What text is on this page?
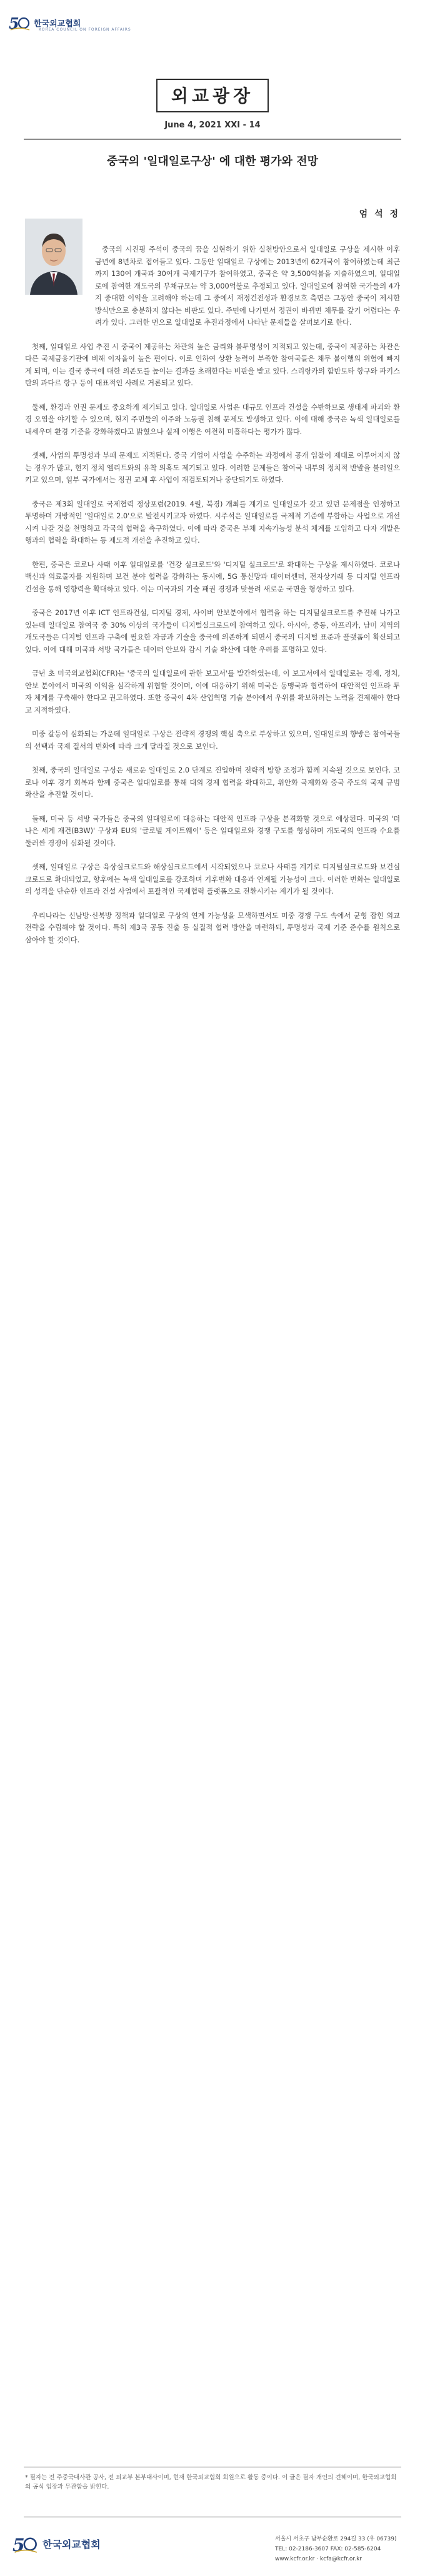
5 한국외교협회
KOREA COUNCIL ON FOREIGN AFFAIRS
외교광장
June 4, 2021 XXI - 14
중국의 '일대일로구상' 에 대한 평가와 전망
엄 석 정

중국의 시진핑 주석이 중국의 꿈을 실현하기 위한 실천방안으로서 일대일로 구상을 제시한 이후 금년에 8년차로 접어들고 있다. 그동안 일대일로 구상에는 2013년에 62개국이 참여하였는데 최근까지 130여 개국과 30여개 국제기구가 참여하였고, 중국은 약 3,500억불을 지출하였으며, 일대일로에 참여한 개도국의 부채규모는 약 3,000억불로 추정되고 있다. 일대일로에 참여한 국가들의 4가지 중대한 이익을 고려해야 하는데 그 중에서 재정건전성과 환경보호 측면은 그동안 중국이 제시한 방식만으로 충분하지 않다는 비판도 있다. 주민에 나가면서 정권이 바뀌면 채무를 갚기 어렵다는 우려가 있다. 그러한 면으로 일대일로 추진과정에서 나타난 문제들을 살펴보기로 한다.

첫째, 일대일로 사업 추진 시 중국이 제공하는 차관의 높은 금리와 불투명성이 지적되고 있는데, 중국이 제공하는 차관은 다른 국제금융기관에 비해 이자율이 높은 편이다. 이로 인하여 상환 능력이 부족한 참여국들은 채무 불이행의 위험에 빠지게 되며, 이는 결국 중국에 대한 의존도를 높이는 결과를 초래한다는 비판을 받고 있다. 스리랑카의 함반토타 항구와 파키스탄의 과다르 항구 등이 대표적인 사례로 거론되고 있다.

둘째, 환경과 인권 문제도 중요하게 제기되고 있다. 일대일로 사업은 대규모 인프라 건설을 수반하므로 생태계 파괴와 환경 오염을 야기할 수 있으며, 현지 주민들의 이주와 노동권 침해 문제도 발생하고 있다. 이에 대해 중국은 녹색 일대일로를 내세우며 환경 기준을 강화하겠다고 밝혔으나 실제 이행은 여전히 미흡하다는 평가가 많다.

셋째, 사업의 투명성과 부패 문제도 지적된다. 중국 기업이 사업을 수주하는 과정에서 공개 입찰이 제대로 이루어지지 않는 경우가 많고, 현지 정치 엘리트와의 유착 의혹도 제기되고 있다. 이러한 문제들은 참여국 내부의 정치적 반발을 불러일으키고 있으며, 일부 국가에서는 정권 교체 후 사업이 재검토되거나 중단되기도 하였다.

중국은 제3회 일대일로 국제협력 정상포럼(2019. 4월, 북경) 개최를 계기로 일대일로가 갖고 있던 문제점을 인정하고 투명하며 개방적인 '일대일로 2.0'으로 발전시키고자 하였다. 시주석은 일대일로를 국제적 기준에 부합하는 사업으로 개선시켜 나갈 것을 천명하고 각국의 협력을 촉구하였다. 이에 따라 중국은 부채 지속가능성 분석 체계를 도입하고 다자 개발은행과의 협력을 확대하는 등 제도적 개선을 추진하고 있다.

한편, 중국은 코로나 사태 이후 일대일로를 '건강 실크로드'와 '디지털 실크로드'로 확대하는 구상을 제시하였다. 코로나 백신과 의료물자를 지원하며 보건 분야 협력을 강화하는 동시에, 5G 통신망과 데이터센터, 전자상거래 등 디지털 인프라 건설을 통해 영향력을 확대하고 있다. 이는 미국과의 기술 패권 경쟁과 맞물려 새로운 국면을 형성하고 있다.

중국은 2017년 이후 ICT 인프라건설, 디지털 경제, 사이버 안보분야에서 협력을 하는 디지털실크로드를 추진해 나가고 있는데 일대일로 참여국 중 30% 이상의 국가들이 디지털실크로드에 참여하고 있다. 아시아, 중동, 아프리카, 남미 지역의 개도국들은 디지털 인프라 구축에 필요한 자금과 기술을 중국에 의존하게 되면서 중국의 디지털 표준과 플랫폼이 확산되고 있다. 이에 대해 미국과 서방 국가들은 데이터 안보와 감시 기술 확산에 대한 우려를 표명하고 있다.

금년 초 미국외교협회(CFR)는 '중국의 일대일로에 관한 보고서'를 발간하였는데, 이 보고서에서 일대일로는 경제, 정치, 안보 분야에서 미국의 이익을 심각하게 위협할 것이며, 이에 대응하기 위해 미국은 동맹국과 협력하여 대안적인 인프라 투자 체계를 구축해야 한다고 권고하였다. 또한 중국이 4차 산업혁명 기술 분야에서 우위를 확보하려는 노력을 견제해야 한다고 지적하였다.

미중 갈등이 심화되는 가운데 일대일로 구상은 전략적 경쟁의 핵심 축으로 부상하고 있으며, 일대일로의 향방은 참여국들의 선택과 국제 질서의 변화에 따라 크게 달라질 것으로 보인다.

첫째, 중국의 일대일로 구상은 새로운 일대일로 2.0 단계로 진입하며 전략적 방향 조정과 함께 지속될 것으로 보인다. 코로나 이후 경기 회복과 함께 중국은 일대일로를 통해 대외 경제 협력을 확대하고, 위안화 국제화와 중국 주도의 국제 규범 확산을 추진할 것이다.

둘째, 미국 등 서방 국가들은 중국의 일대일로에 대응하는 대안적 인프라 구상을 본격화할 것으로 예상된다. 미국의 '더 나은 세계 재건(B3W)' 구상과 EU의 '글로벌 게이트웨이' 등은 일대일로와 경쟁 구도를 형성하며 개도국의 인프라 수요를 둘러싼 경쟁이 심화될 것이다.

셋째, 일대일로 구상은 육상실크로드와 해상실크로드에서 시작되었으나 코로나 사태를 계기로 디지털실크로드와 보건실크로드로 확대되었고, 향후에는 녹색 일대일로를 강조하며 기후변화 대응과 연계될 가능성이 크다. 이러한 변화는 일대일로의 성격을 단순한 인프라 건설 사업에서 포괄적인 국제협력 플랫폼으로 전환시키는 계기가 될 것이다.

우리나라는 신남방·신북방 정책과 일대일로 구상의 연계 가능성을 모색하면서도 미중 경쟁 구도 속에서 균형 잡힌 외교 전략을 수립해야 할 것이다. 특히 제3국 공동 진출 등 실질적 협력 방안을 마련하되, 투명성과 국제 기준 준수를 원칙으로 삼아야 할 것이다.

* 필자는 전 주중국대사관 공사, 전 외교부 본부대사이며, 현재 한국외교협회 회원으로 활동 중이다. 이 글은 필자 개인의 견해이며, 한국외교협회의 공식 입장과 무관함을 밝힌다.
5 한국외교협회	서울시 서초구 남부순환로 294길 33 (우 06739)
TEL: 02-2186-3607 FAX: 02-585-6204
www.kcfr.or.kr · kcfa@kcfr.or.kr
